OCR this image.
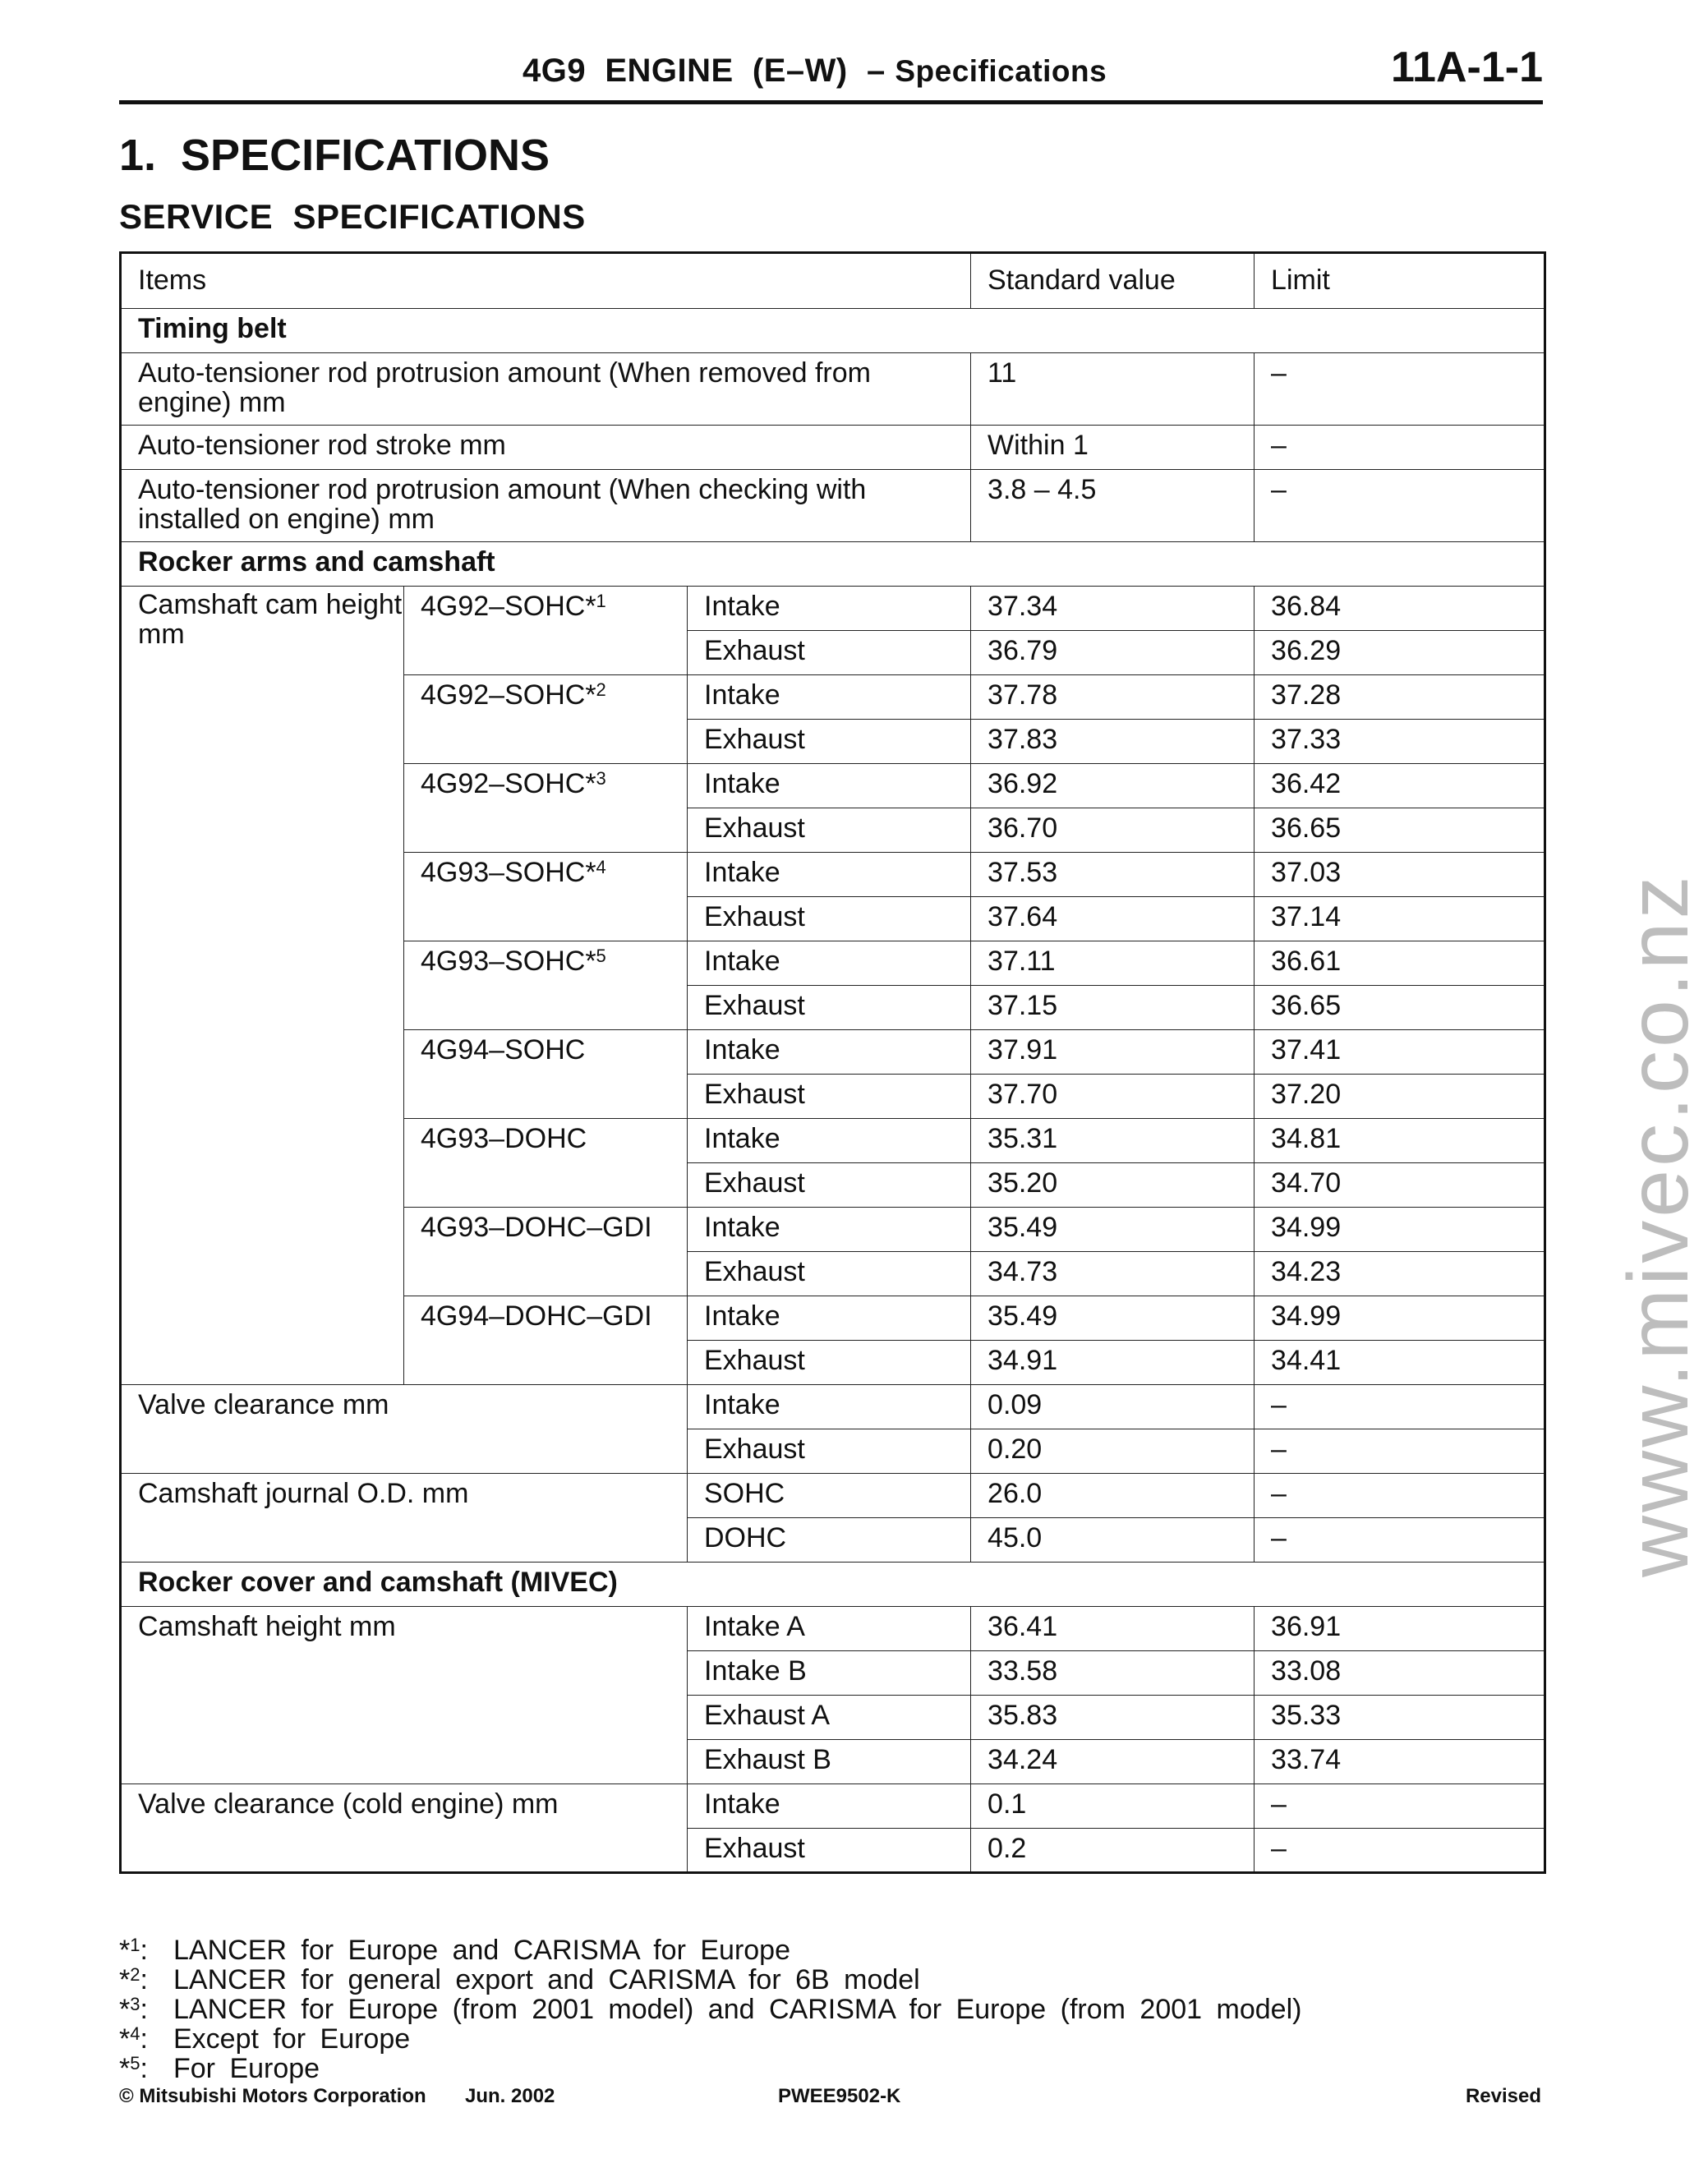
4G9  ENGINE  (E–W)  – Specifications	11A-1-1
1.  SPECIFICATIONS
SERVICE  SPECIFICATIONS
Items			Standard value	Limit
Timing belt				
Auto-tensioner rod protrusion amount (When removed from engine) mm			11	–
Auto-tensioner rod stroke mm			Within 1	–
Auto-tensioner rod protrusion amount (When checking with installed on engine) mm			3.8 – 4.5	–
Rocker arms and camshaft				
Camshaft cam height mm	4G92–SOHC*$^1$	Intake	37.34	36.84
		Exhaust	36.79	36.29
	4G92–SOHC*$^2$	Intake	37.78	37.28
		Exhaust	37.83	37.33
	4G92–SOHC*$^3$	Intake	36.92	36.42
		Exhaust	36.70	36.65
	4G93–SOHC*$^4$	Intake	37.53	37.03
		Exhaust	37.64	37.14
	4G93–SOHC*$^5$	Intake	37.11	36.61
		Exhaust	37.15	36.65
	4G94–SOHC	Intake	37.91	37.41
		Exhaust	37.70	37.20
	4G93–DOHC	Intake	35.31	34.81
		Exhaust	35.20	34.70
	4G93–DOHC–GDI	Intake	35.49	34.99
		Exhaust	34.73	34.23
	4G94–DOHC–GDI	Intake	35.49	34.99
		Exhaust	34.91	34.41
Valve clearance mm		Intake	0.09	–
		Exhaust	0.20	–
Camshaft journal O.D. mm		SOHC	26.0	–
		DOHC	45.0	–
Rocker cover and camshaft (MIVEC)				
Camshaft height mm		Intake A	36.41	36.91
		Intake B	33.58	33.08
		Exhaust A	35.83	35.33
		Exhaust B	34.24	33.74
Valve clearance (cold engine) mm		Intake	0.1	–
		Exhaust	0.2	–
*$^1$: LANCER for Europe and CARISMA for Europe
*$^2$: LANCER for general export and CARISMA for 6B model
*$^3$: LANCER for Europe (from 2001 model) and CARISMA for Europe (from 2001 model)
*$^4$: Except for Europe
*$^5$: For Europe
© Mitsubishi Motors Corporation Jun. 2002	PWEE9502-K	Revised
www.mivec.co.nz
